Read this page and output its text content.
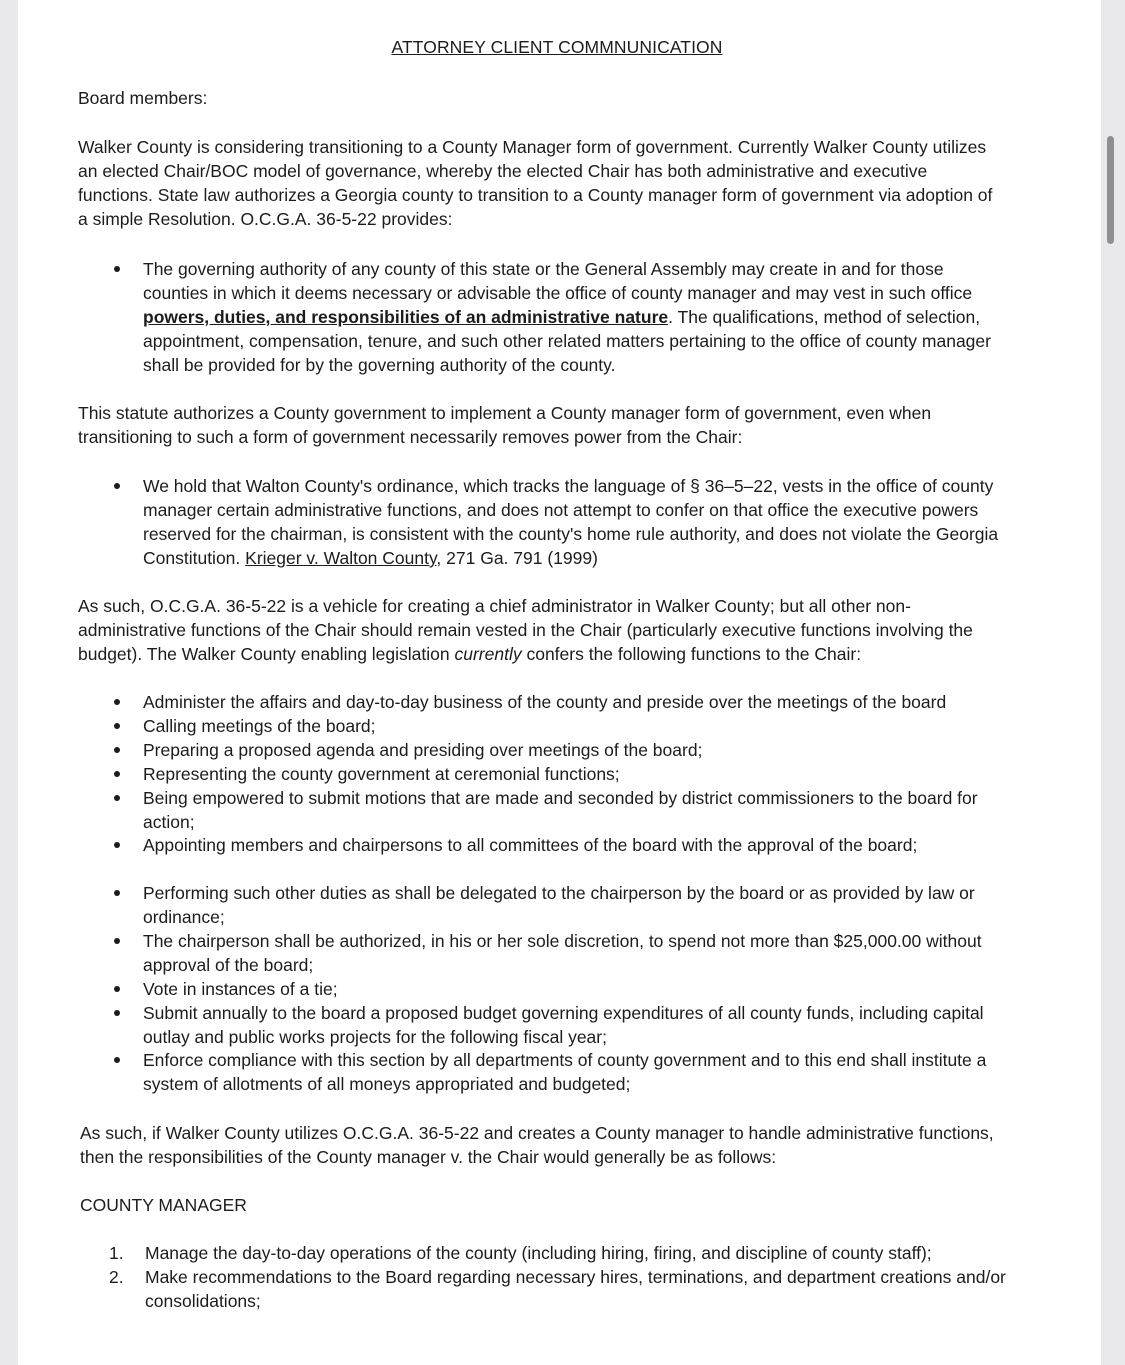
ATTORNEY CLIENT COMMNUNICATION
Board members:
Walker County is considering transitioning to a County Manager form of government. Currently Walker County utilizes
an elected Chair/BOC model of governance, whereby the elected Chair has both administrative and executive
functions. State law authorizes a Georgia county to transition to a County manager form of government via adoption of
a simple Resolution. O.C.G.A. 36-5-22 provides:
The governing authority of any county of this state or the General Assembly may create in and for those
counties in which it deems necessary or advisable the office of county manager and may vest in such office
powers, duties, and responsibilities of an administrative nature. The qualifications, method of selection,
appointment, compensation, tenure, and such other related matters pertaining to the office of county manager
shall be provided for by the governing authority of the county.
This statute authorizes a County government to implement a County manager form of government, even when
transitioning to such a form of government necessarily removes power from the Chair:
We hold that Walton County's ordinance, which tracks the language of § 36–5–22, vests in the office of county
manager certain administrative functions, and does not attempt to confer on that office the executive powers
reserved for the chairman, is consistent with the county's home rule authority, and does not violate the Georgia
Constitution. Krieger v. Walton County, 271 Ga. 791 (1999)
As such, O.C.G.A. 36-5-22 is a vehicle for creating a chief administrator in Walker County; but all other non-
administrative functions of the Chair should remain vested in the Chair (particularly executive functions involving the
budget). The Walker County enabling legislation currently confers the following functions to the Chair:
Administer the affairs and day-to-day business of the county and preside over the meetings of the board
Calling meetings of the board;
Preparing a proposed agenda and presiding over meetings of the board;
Representing the county government at ceremonial functions;
Being empowered to submit motions that are made and seconded by district commissioners to the board for
action;
Appointing members and chairpersons to all committees of the board with the approval of the board;
Performing such other duties as shall be delegated to the chairperson by the board or as provided by law or
ordinance;
The chairperson shall be authorized, in his or her sole discretion, to spend not more than $25,000.00 without
approval of the board;
Vote in instances of a tie;
Submit annually to the board a proposed budget governing expenditures of all county funds, including capital
outlay and public works projects for the following fiscal year;
Enforce compliance with this section by all departments of county government and to this end shall institute a
system of allotments of all moneys appropriated and budgeted;
As such, if Walker County utilizes O.C.G.A. 36-5-22 and creates a County manager to handle administrative functions,
then the responsibilities of the County manager v. the Chair would generally be as follows:
COUNTY MANAGER
1. Manage the day-to-day operations of the county (including hiring, firing, and discipline of county staff);
2. Make recommendations to the Board regarding necessary hires, terminations, and department creations and/or
consolidations;
